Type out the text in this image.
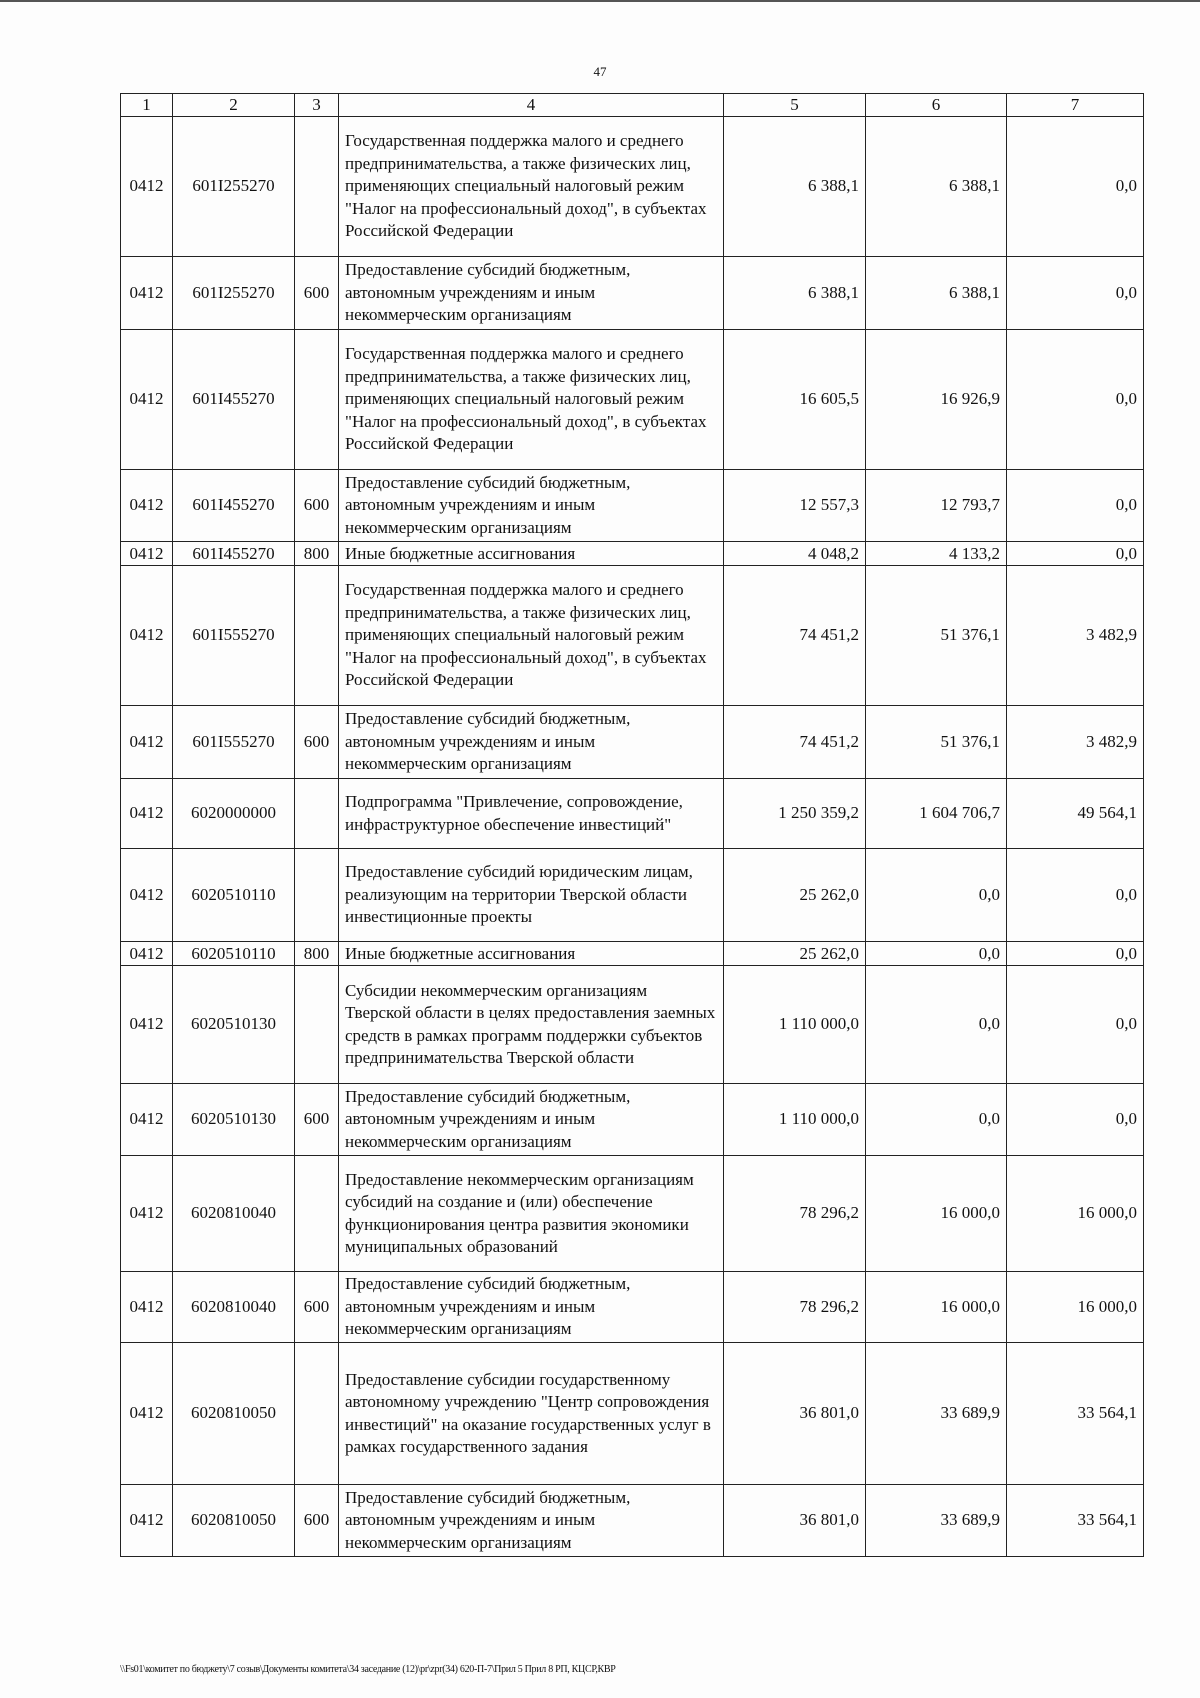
47
1	2	3	4	5	6	7
0412	601I255270		Государственная поддержка малого и среднего предпринимательства, а также физических лиц, применяющих специальный налоговый режим "Налог на профессиональный доход", в субъектах Российской Федерации	6 388,1	6 388,1	0,0
0412	601I255270	600	Предоставление субсидий бюджетным, автономным учреждениям и иным некоммерческим организациям	6 388,1	6 388,1	0,0
0412	601I455270		Государственная поддержка малого и среднего предпринимательства, а также физических лиц, применяющих специальный налоговый режим "Налог на профессиональный доход", в субъектах Российской Федерации	16 605,5	16 926,9	0,0
0412	601I455270	600	Предоставление субсидий бюджетным, автономным учреждениям и иным некоммерческим организациям	12 557,3	12 793,7	0,0
0412	601I455270	800	Иные бюджетные ассигнования	4 048,2	4 133,2	0,0
0412	601I555270		Государственная поддержка малого и среднего предпринимательства, а также физических лиц, применяющих специальный налоговый режим "Налог на профессиональный доход", в субъектах Российской Федерации	74 451,2	51 376,1	3 482,9
0412	601I555270	600	Предоставление субсидий бюджетным, автономным учреждениям и иным некоммерческим организациям	74 451,2	51 376,1	3 482,9
0412	6020000000		Подпрограмма "Привлечение, сопровождение, инфраструктурное обеспечение инвестиций"	1 250 359,2	1 604 706,7	49 564,1
0412	6020510110		Предоставление субсидий юридическим лицам, реализующим на территории Тверской области инвестиционные проекты	25 262,0	0,0	0,0
0412	6020510110	800	Иные бюджетные ассигнования	25 262,0	0,0	0,0
0412	6020510130		Субсидии некоммерческим организациям Тверской области в целях предоставления заемных средств в рамках программ поддержки субъектов предпринимательства Тверской области	1 110 000,0	0,0	0,0
0412	6020510130	600	Предоставление субсидий бюджетным, автономным учреждениям и иным некоммерческим организациям	1 110 000,0	0,0	0,0
0412	6020810040		Предоставление некоммерческим организациям субсидий на создание и (или) обеспечение функционирования центра развития экономики муниципальных образований	78 296,2	16 000,0	16 000,0
0412	6020810040	600	Предоставление субсидий бюджетным, автономным учреждениям и иным некоммерческим организациям	78 296,2	16 000,0	16 000,0
0412	6020810050		Предоставление субсидии государственному автономному учреждению "Центр сопровождения инвестиций" на оказание государственных услуг в рамках государственного задания	36 801,0	33 689,9	33 564,1
0412	6020810050	600	Предоставление субсидий бюджетным, автономным учреждениям и иным некоммерческим организациям	36 801,0	33 689,9	33 564,1
\\Fs01\комитет по бюджету\7 созыв\Документы комитета\34 заседание (12)\pr\zpr(34) 620-П-7\Прил 5 Прил 8 РП, КЦСР,КВР
